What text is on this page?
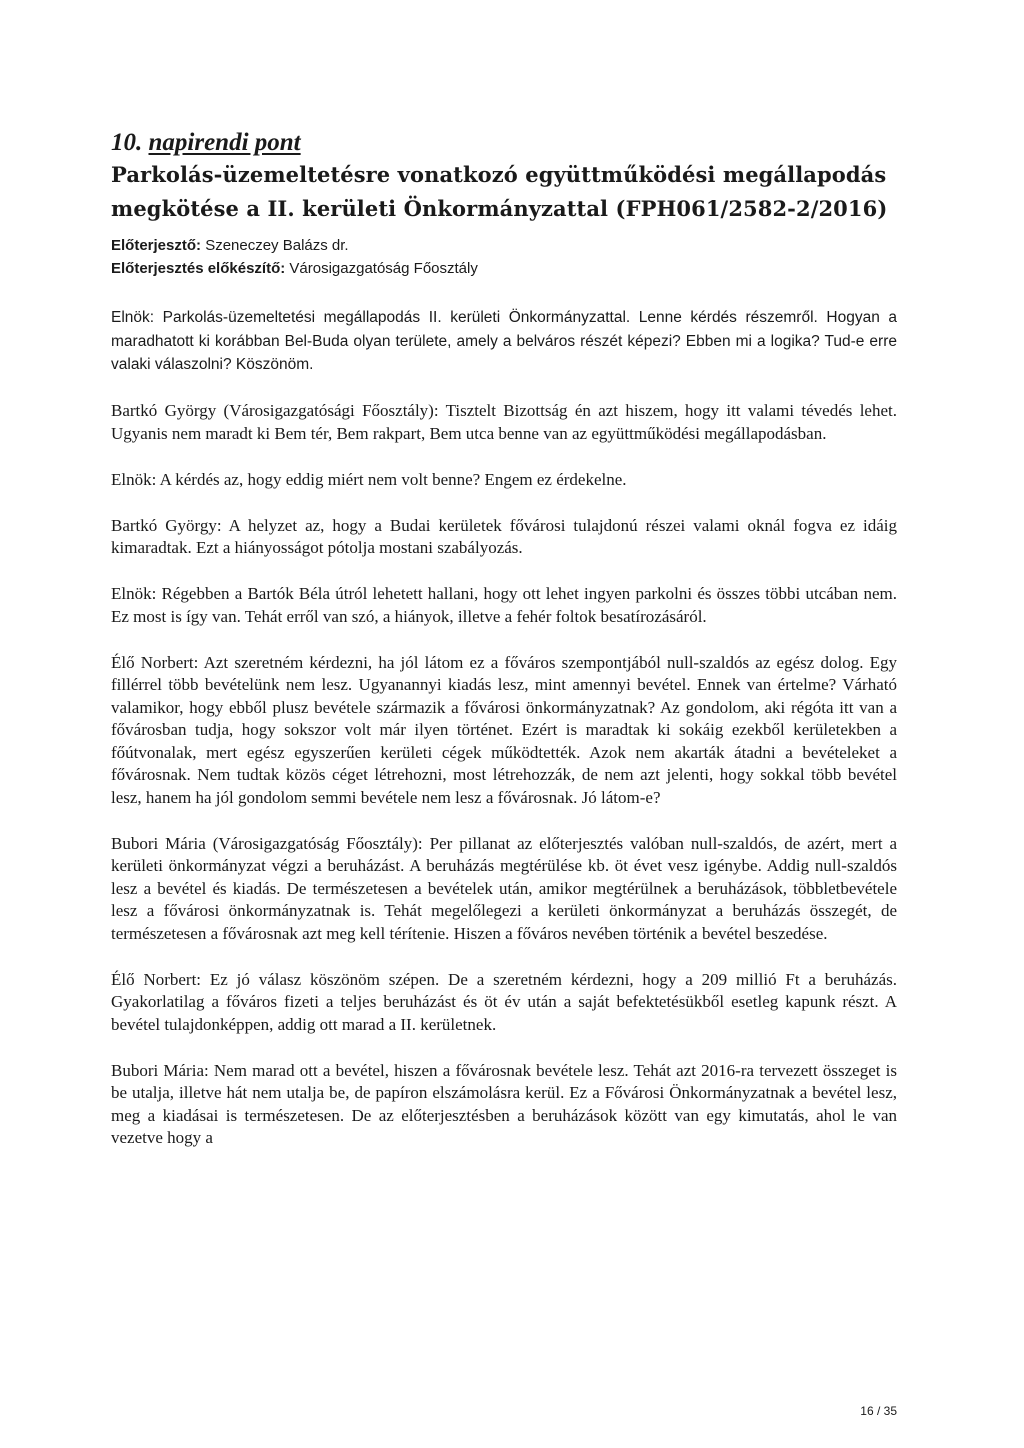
10. napirendi pont
Parkolás-üzemeltetésre vonatkozó együttműködési megállapodás megkötése a II. kerületi Önkormányzattal (FPH061/2582-2/2016)
Előterjesztő: Szeneczey Balázs dr.
Előterjesztés előkészítő: Városigazgatóság Főosztály

Elnök: Parkolás-üzemeltetési megállapodás II. kerületi Önkormányzattal. Lenne kérdés részemről. Hogyan a maradhatott ki korábban Bel-Buda olyan területe, amely a belváros részét képezi? Ebben mi a logika? Tud-e erre valaki válaszolni? Köszönöm.

Bartkó György (Városigazgatósági Főosztály): Tisztelt Bizottság én azt hiszem, hogy itt valami tévedés lehet. Ugyanis nem maradt ki Bem tér, Bem rakpart, Bem utca benne van az együttműködési megállapodásban.

Elnök: A kérdés az, hogy eddig miért nem volt benne? Engem ez érdekelne.

Bartkó György: A helyzet az, hogy a Budai kerületek fővárosi tulajdonú részei valami oknál fogva ez idáig kimaradtak. Ezt a hiányosságot pótolja mostani szabályozás.

Elnök: Régebben a Bartók Béla útról lehetett hallani, hogy ott lehet ingyen parkolni és összes többi utcában nem. Ez most is így van. Tehát erről van szó, a hiányok, illetve a fehér foltok besatírozásáról.

Élő Norbert: Azt szeretném kérdezni, ha jól látom ez a főváros szempontjából null-szaldós az egész dolog. Egy fillérrel több bevételünk nem lesz. Ugyanannyi kiadás lesz, mint amennyi bevétel. Ennek van értelme? Várható valamikor, hogy ebből plusz bevétele származik a fővárosi önkormányzatnak? Az gondolom, aki régóta itt van a fővárosban tudja, hogy sokszor volt már ilyen történet. Ezért is maradtak ki sokáig ezekből kerületekben a főútvonalak, mert egész egyszerűen kerületi cégek működtették. Azok nem akarták átadni a bevételeket a fővárosnak. Nem tudtak közös céget létrehozni, most létrehozzák, de nem azt jelenti, hogy sokkal több bevétel lesz, hanem ha jól gondolom semmi bevétele nem lesz a fővárosnak. Jó látom-e?

Bubori Mária (Városigazgatóság Főosztály): Per pillanat az előterjesztés valóban null-szaldós, de azért, mert a kerületi önkormányzat végzi a beruházást. A beruházás megtérülése kb. öt évet vesz igénybe. Addig null-szaldós lesz a bevétel és kiadás. De természetesen a bevételek után, amikor megtérülnek a beruházások, többletbevétele lesz a fővárosi önkormányzatnak is. Tehát megelőlegezi a kerületi önkormányzat a beruházás összegét, de természetesen a fővárosnak azt meg kell térítenie. Hiszen a főváros nevében történik a bevétel beszedése.

Élő Norbert: Ez jó válasz köszönöm szépen. De a szeretném kérdezni, hogy a 209 millió Ft a beruházás. Gyakorlatilag a főváros fizeti a teljes beruházást és öt év után a saját befektetésükből esetleg kapunk részt. A bevétel tulajdonképpen, addig ott marad a II. kerületnek.

Bubori Mária: Nem marad ott a bevétel, hiszen a fővárosnak bevétele lesz. Tehát azt 2016-ra tervezett összeget is be utalja, illetve hát nem utalja be, de papíron elszámolásra kerül. Ez a Fővárosi Önkormányzatnak a bevétel lesz, meg a kiadásai is természetesen. De az előterjesztésben a beruházások között van egy kimutatás, ahol le van vezetve hogy a

16 / 35
